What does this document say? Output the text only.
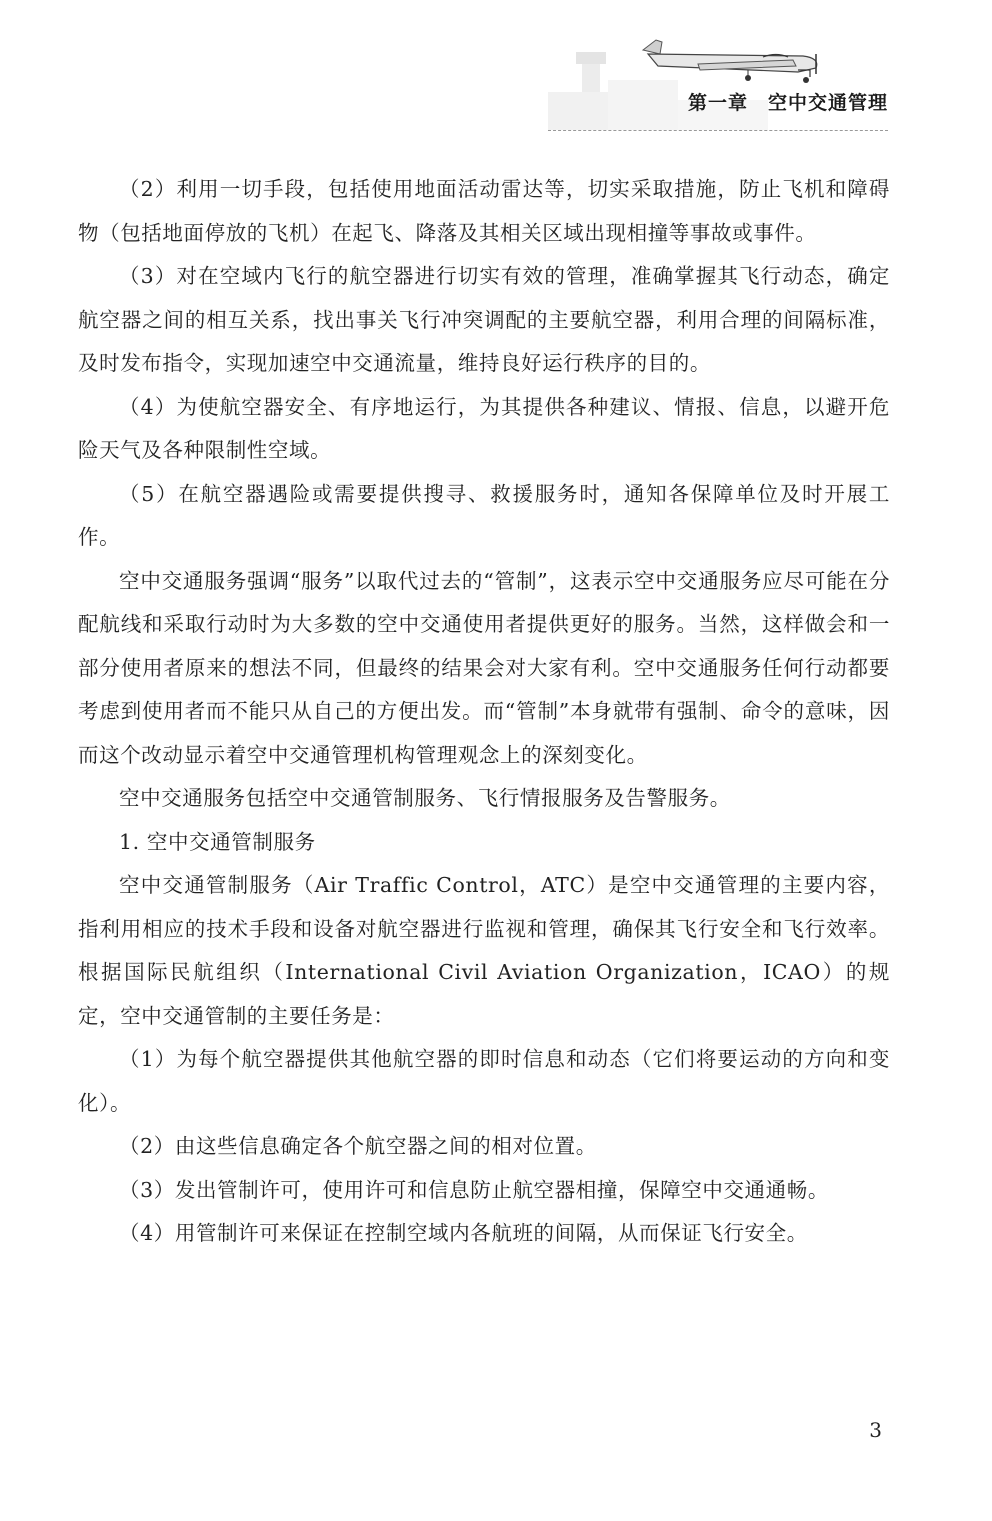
第一章　空中交通管理

（2）利用一切手段，包括使用地面活动雷达等，切实采取措施，防止飞机和障碍物（包括地面停放的飞机）在起飞、降落及其相关区域出现相撞等事故或事件。

（3）对在空域内飞行的航空器进行切实有效的管理，准确掌握其飞行动态，确定航空器之间的相互关系，找出事关飞行冲突调配的主要航空器，利用合理的间隔标准，及时发布指令，实现加速空中交通流量，维持良好运行秩序的目的。

（4）为使航空器安全、有序地运行，为其提供各种建议、情报、信息，以避开危险天气及各种限制性空域。

（5）在航空器遇险或需要提供搜寻、救援服务时，通知各保障单位及时开展工作。

空中交通服务强调“服务”以取代过去的“管制”，这表示空中交通服务应尽可能在分配航线和采取行动时为大多数的空中交通使用者提供更好的服务。当然，这样做会和一部分使用者原来的想法不同，但最终的结果会对大家有利。空中交通服务任何行动都要考虑到使用者而不能只从自己的方便出发。而“管制”本身就带有强制、命令的意味，因而这个改动显示着空中交通管理机构管理观念上的深刻变化。

空中交通服务包括空中交通管制服务、飞行情报服务及告警服务。

1. 空中交通管制服务

空中交通管制服务（Air Traffic Control，ATC）是空中交通管理的主要内容，指利用相应的技术手段和设备对航空器进行监视和管理，确保其飞行安全和飞行效率。根据国际民航组织（International Civil Aviation Organization，ICAO）的规定，空中交通管制的主要任务是：

（1）为每个航空器提供其他航空器的即时信息和动态（它们将要运动的方向和变化）。

（2）由这些信息确定各个航空器之间的相对位置。

（3）发出管制许可，使用许可和信息防止航空器相撞，保障空中交通通畅。

（4）用管制许可来保证在控制空域内各航班的间隔，从而保证飞行安全。

3
